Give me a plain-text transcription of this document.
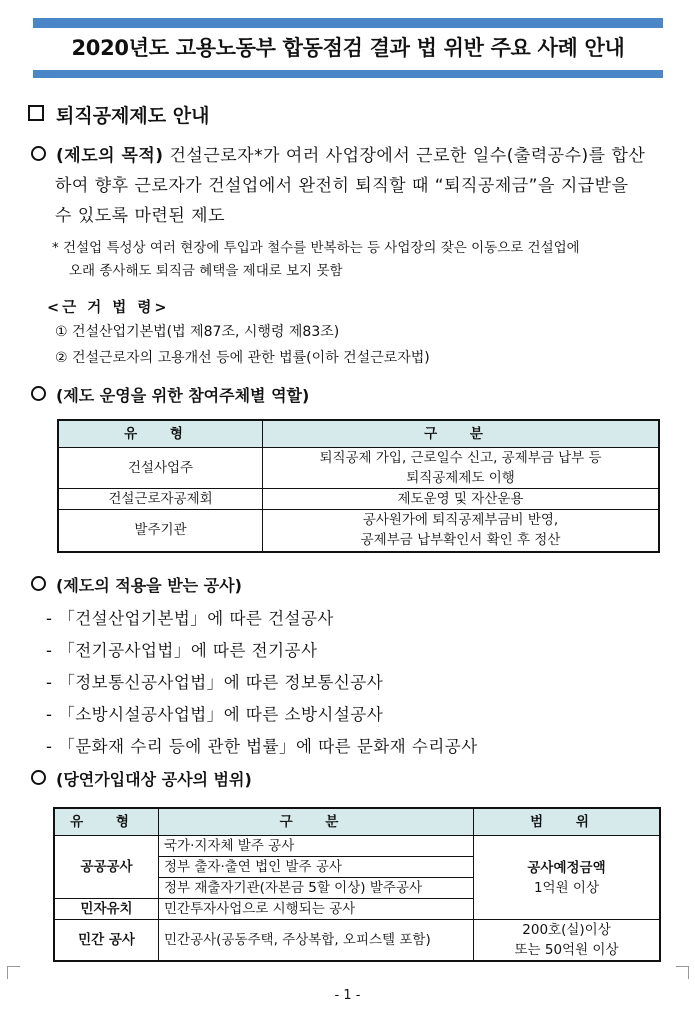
2020년도 고용노동부 합동점검 결과 법 위반 주요 사례 안내
퇴직공제제도 안내
(제도의 목적) 건설근로자*가 여러 사업장에서 근로한 일수(출력공수)를 합산
하여 향후 근로자가 건설업에서 완전히 퇴직할 때 “퇴직공제금”을 지급받을
수 있도록 마련된 제도
* 건설업 특성상 여러 현장에 투입과 철수를 반복하는 등 사업장의 잦은 이동으로 건설업에
오래 종사해도 퇴직금 혜택을 제대로 보지 못함
<근 거 법 령>
① 건설산업기본법(법 제87조, 시행령 제83조)
② 건설근로자의 고용개선 등에 관한 법률(이하 건설근로자법)
(제도 운영을 위한 참여주체별 역할)
유 형	구 분
건설사업주	퇴직공제 가입, 근로일수 신고, 공제부금 납부 등
퇴직공제제도 이행

건설근로자공제회	제도운영 및 자산운용
발주기관	공사원가에 퇴직공제부금비 반영,
공제부금 납부확인서 확인 후 정산
(제도의 적용을 받는 공사)
- 「건설산업기본법」에 따른 건설공사
- 「전기공사업법」에 따른 전기공사
- 「정보통신공사업법」에 따른 정보통신공사
- 「소방시설공사업법」에 따른 소방시설공사
- 「문화재 수리 등에 관한 법률」에 따른 문화재 수리공사
(당연가입대상 공사의 범위)
유 형	구 분	범 위
공공공사	국가·지자체 발주 공사	공사예정금액
1억원 이상

	정부 출자·출연 법인 발주 공사	
	정부 재출자기관(자본금 5할 이상) 발주공사	
민자유치	민간투자사업으로 시행되는 공사	
민간 공사	민간공사(공동주택, 주상복합, 오피스텔 포함)	200호(실)이상
또는 50억원 이상
- 1 -
